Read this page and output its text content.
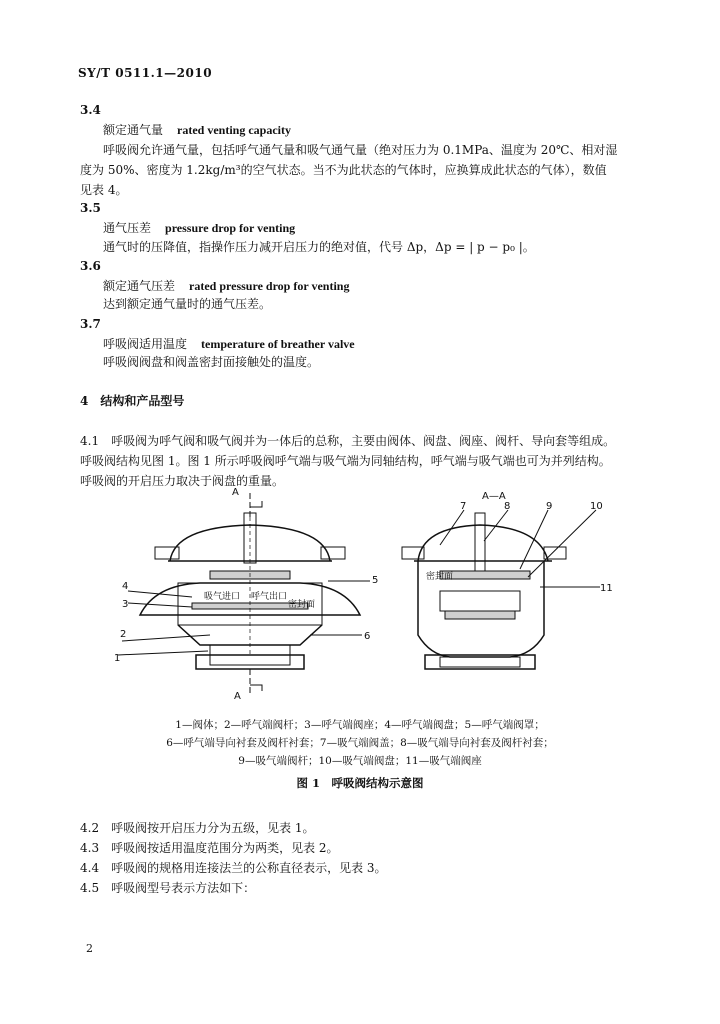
SY/T 0511.1—2010
3.4
额定通气量 rated venting capacity
呼吸阀允许通气量，包括呼气通气量和吸气通气量（绝对压力为 0.1MPa、温度为 20℃、相对湿
度为 50%、密度为 1.2kg/m³的空气状态。当不为此状态的气体时，应换算成此状态的气体），数值
见表 4。
3.5
通气压差 pressure drop for venting
通气时的压降值，指操作压力减开启压力的绝对值，代号 Δp，Δp = | p − p₀ |。
3.6
额定通气压差 rated pressure drop for venting
达到额定通气量时的通气压差。
3.7
呼吸阀适用温度 temperature of breather valve
呼吸阀阀盘和阀盖密封面接触处的温度。
4　结构和产品型号
4.1　呼吸阀为呼气阀和吸气阀并为一体后的总称，主要由阀体、阀盘、阀座、阀杆、导向套等组成。
呼吸阀结构见图 1。图 1 所示呼吸阀呼气端与吸气端为同轴结构，呼气端与吸气端也可为并列结构。
呼吸阀的开启压力取决于阀盘的重量。
A
A
A—A
吸气进口 呼气出口
密封面
密封面
4
3
2
1
5
6
7	8	9	10
11
1—阀体；2—呼气端阀杆；3—呼气端阀座；4—呼气端阀盘；5—呼气端阀罩；
6—呼气端导向衬套及阀杆衬套；7—吸气端阀盖；8—吸气端导向衬套及阀杆衬套；
9—吸气端阀杆；10—吸气端阀盘；11—吸气端阀座
图 1　呼吸阀结构示意图
4.2　呼吸阀按开启压力分为五级，见表 1。
4.3　呼吸阀按适用温度范围分为两类，见表 2。
4.4　呼吸阀的规格用连接法兰的公称直径表示，见表 3。
4.5　呼吸阀型号表示方法如下：
2
